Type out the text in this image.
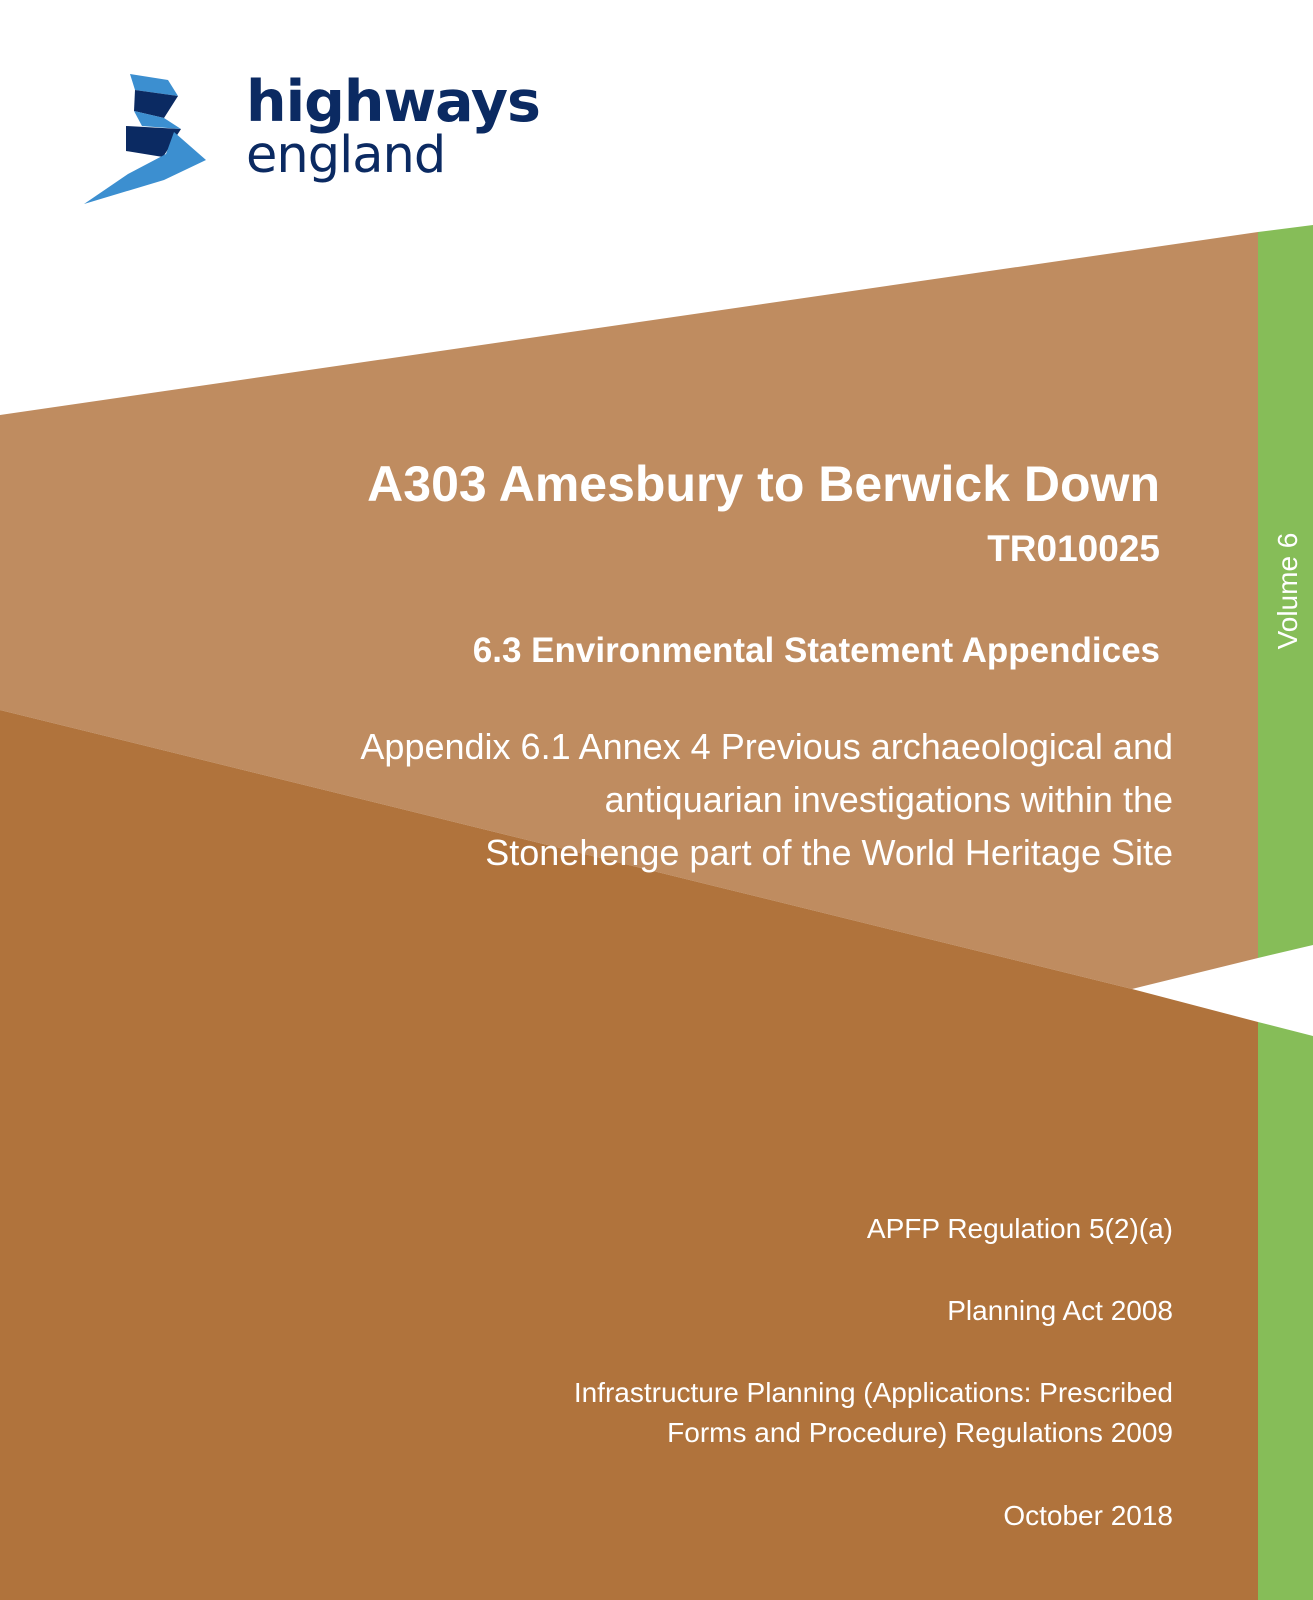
highways

england

A303 Amesbury to Berwick Down

TR010025

6.3 Environmental Statement Appendices
Appendix 6.1 Annex 4 Previous archaeological and
antiquarian investigations within the
Stonehenge part of the World Heritage Site
APFP Regulation 5(2)(a)
Planning Act 2008
Infrastructure Planning (Applications: Prescribed
Forms and Procedure) Regulations 2009
October 2018

Volume 6
